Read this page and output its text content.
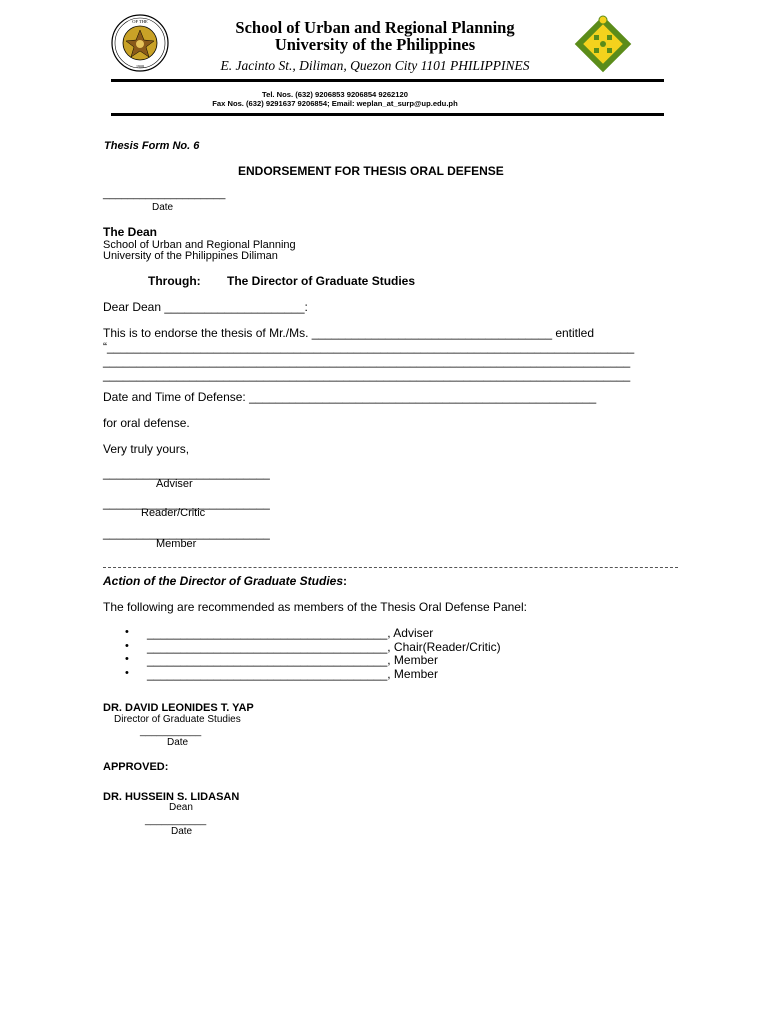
OF THE
1908
School of Urban and Regional Planning
University of the Philippines
E. Jacinto St., Diliman, Quezon City 1101 PHILIPPINES
Tel. Nos. (632) 9206853 9206854 9262120
Fax Nos. (632) 9291637 9206854; Email: weplan_at_surp@up.edu.ph
Thesis Form No. 6
ENDORSEMENT FOR THESIS ORAL DEFENSE
____________________
Date
The Dean
School of Urban and Regional Planning
University of the Philippines Diliman
Through: The Director of Graduate Studies
Dear Dean _____________________:
This is to endorse the thesis of Mr./Ms. ____________________________________ entitled
“_______________________________________________________________________________
_______________________________________________________________________________
_______________________________________________________________________________
Date and Time of Defense: ____________________________________________________
for oral defense.
Very truly yours,
_________________________
Adviser
_________________________
Reader/Critic
_________________________
Member
Action of the Director of Graduate Studies:
The following are recommended as members of the Thesis Oral Defense Panel:
• ____________________________________, Adviser
• ____________________________________, Chair(Reader/Critic)
• ____________________________________, Member
• ____________________________________, Member
DR. DAVID LEONIDES T. YAP
Director of Graduate Studies
___________
Date
APPROVED:
DR. HUSSEIN S. LIDASAN
Dean
___________
Date
